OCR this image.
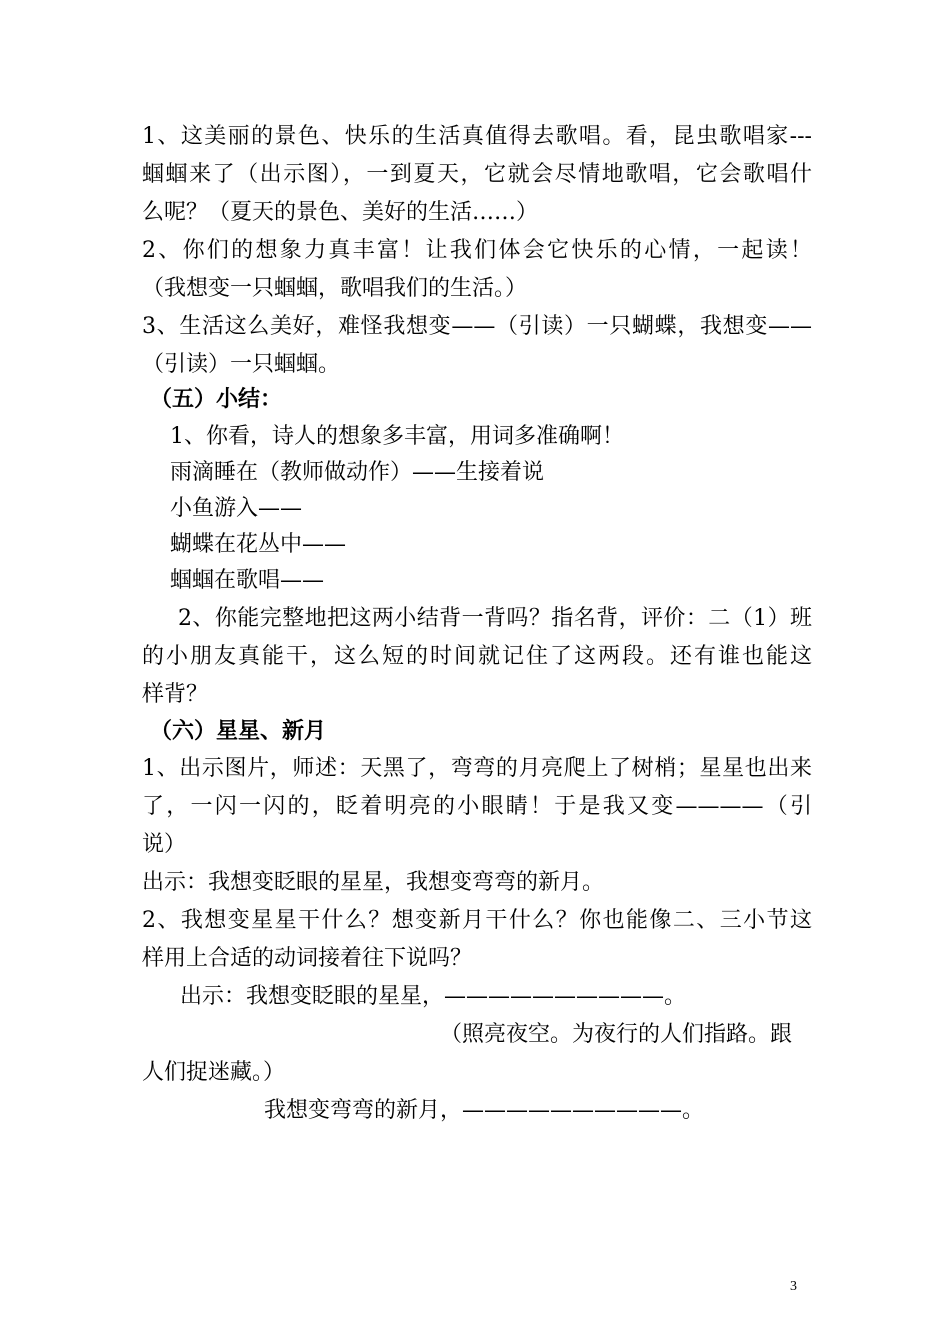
1、这美丽的景色、快乐的生活真值得去歌唱。看，昆虫歌唱家---
蝈蝈来了（出示图），一到夏天，它就会尽情地歌唱，它会歌唱什
么呢？（夏天的景色、美好的生活……）
2、你们的想象力真丰富！让我们体会它快乐的心情，一起读！
（我想变一只蝈蝈，歌唱我们的生活。）
3、生活这么美好，难怪我想变——（引读）一只蝴蝶，我想变——
（引读）一只蝈蝈。
（五）小结：
1、你看，诗人的想象多丰富，用词多准确啊！
雨滴睡在（教师做动作）——生接着说
小鱼游入——
蝴蝶在花丛中——
蝈蝈在歌唱——
2、你能完整地把这两小结背一背吗？指名背，评价：二（1）班
的小朋友真能干，这么短的时间就记住了这两段。还有谁也能这
样背？
（六）星星、新月
1、出示图片，师述：天黑了，弯弯的月亮爬上了树梢；星星也出来
了，一闪一闪的，眨着明亮的小眼睛！于是我又变————（引
说）
出示：我想变眨眼的星星，我想变弯弯的新月。
2、我想变星星干什么？想变新月干什么？你也能像二、三小节这
样用上合适的动词接着往下说吗？
出示：我想变眨眼的星星，——————————。
（照亮夜空。为夜行的人们指路。跟
人们捉迷藏。）
我想变弯弯的新月，——————————。
3
